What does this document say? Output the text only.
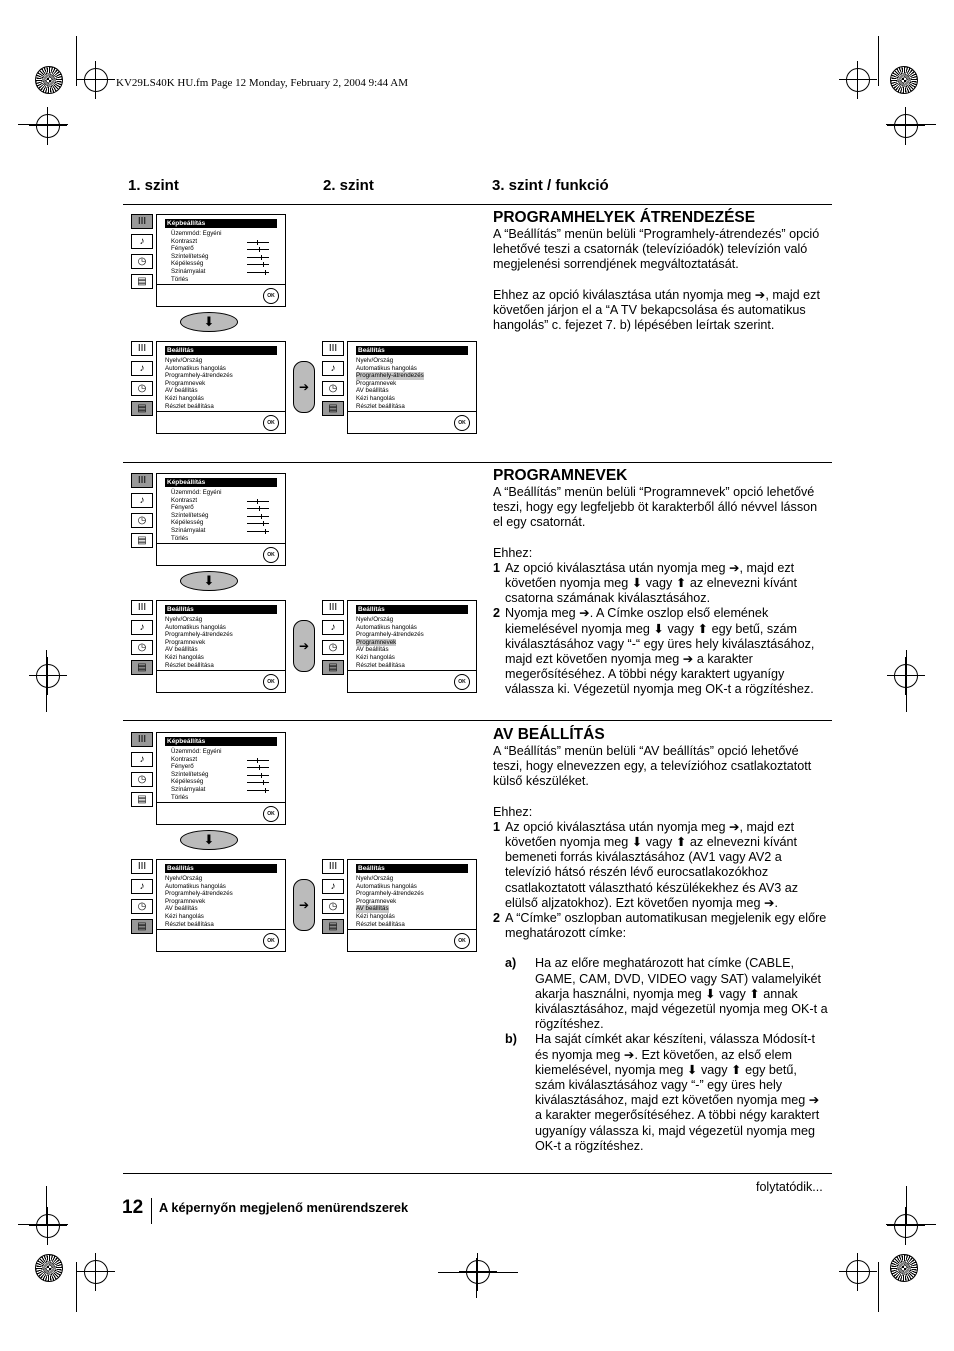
KV29LS40K HU.fm Page 12 Monday, February 2, 2004 9:44 AM
1. szint	2. szint	3. szint / funkció
III
♪
◷
▤
Képbeállítás
Üzemmód: Egyéni
Kontraszt
Fényerő
Színtelítetség
Képélesség
Színárnyalat
Törlés
OK
⬇
III
♪
◷
▤
Beállítás
Nyelv/Ország
Automatikus hangolás
Programhely-átrendezés
Programnevek
AV beállítás
Kézi hangolás
Részlet beállítása
OK
➔
III
♪
◷
▤
Beállítás
Nyelv/Ország
Automatikus hangolás
Programhely-átrendezés
Programnevek
AV beállítás
Kézi hangolás
Részlet beállítása
OK
III
♪
◷
▤
Képbeállítás
Üzemmód: Egyéni
Kontraszt
Fényerő
Színtelítetség
Képélesség
Színárnyalat
Törlés
OK
⬇
III
♪
◷
▤
Beállítás
Nyelv/Ország
Automatikus hangolás
Programhely-átrendezés
Programnevek
AV beállítás
Kézi hangolás
Részlet beállítása
OK
➔
III
♪
◷
▤
Beállítás
Nyelv/Ország
Automatikus hangolás
Programhely-átrendezés
Programnevek
AV beállítás
Kézi hangolás
Részlet beállítása
OK
III
♪
◷
▤
Képbeállítás
Üzemmód: Egyéni
Kontraszt
Fényerő
Színtelítetség
Képélesség
Színárnyalat
Törlés
OK
⬇
III
♪
◷
▤
Beállítás
Nyelv/Ország
Automatikus hangolás
Programhely-átrendezés
Programnevek
AV beállítás
Kézi hangolás
Részlet beállítása
OK
➔
III
♪
◷
▤
Beállítás
Nyelv/Ország
Automatikus hangolás
Programhely-átrendezés
Programnevek
AV beállítás
Kézi hangolás
Részlet beállítása
OK
PROGRAMHELYEK ÁTRENDEZÉSE

A “Beállítás” menün belüli “Programhely-átrendezés” opció lehetővé teszi a csatornák (televízióadók) televízión való megjelenési sorrendjének megváltoztatását.

Ehhez az opció kiválasztása után nyomja meg ➔, majd ezt követően járjon el a “A TV bekapcsolása és automatikus hangolás” c. fejezet 7. b) lépésében leírtak szerint.

PROGRAMNEVEK

A “Beállítás” menün belüli “Programnevek” opció lehetővé teszi, hogy egy legfeljebb öt karakterből álló névvel lásson el egy csatornát.

Ehhez:

1 Az opció kiválasztása után nyomja meg ➔, majd ezt követően nyomja meg ⬇ vagy ⬆ az elnevezni kívánt csatorna számának kiválasztásához.
2 Nyomja meg ➔. A Címke oszlop első elemének kiemelésével nyomja meg ⬇ vagy ⬆ egy betű, szám kiválasztásához vagy “-“ egy üres hely kiválasztásához, majd ezt követően nyomja meg ➔ a karakter megerősítéséhez. A többi négy karaktert ugyanígy válassza ki. Végezetül nyomja meg OK-t a rögzítéshez.
AV BEÁLLÍTÁS

A “Beállítás” menün belüli “AV beállítás” opció lehetővé teszi, hogy elnevezzen egy, a televízióhoz csatlakoztatott külső készüléket.

Ehhez:

1 Az opció kiválasztása után nyomja meg ➔, majd ezt követően nyomja meg ⬇ vagy ⬆ az elnevezni kívánt bemeneti forrás kiválasztásához (AV1 vagy AV2 a televízió hátsó részén lévő eurocsatlakozókhoz csatlakoztatott választható készülékekhez és AV3 az elülső aljzatokhoz). Ezt követően nyomja meg ➔.
2 A “Címke” oszlopban automatikusan megjelenik egy előre meghatározott címke:
a) Ha az előre meghatározott hat címke (CABLE, GAME, CAM, DVD, VIDEO vagy SAT) valamelyikét akarja használni, nyomja meg ⬇ vagy ⬆ annak kiválasztásához, majd végezetül nyomja meg OK-t a rögzítéshez.
b) Ha saját címkét akar készíteni, válassza Módosít-t és nyomja meg ➔. Ezt követően, az első elem kiemelésével, nyomja meg ⬇ vagy ⬆ egy betű, szám kiválasztásához vagy “-” egy üres hely kiválasztásához, majd ezt követően nyomja meg ➔ a karakter megerősítéséhez. A többi négy karaktert ugyanígy válassza ki, majd végezetül nyomja meg OK-t a rögzítéshez.
folytatódik...
12 A képernyőn megjelenő menürendszerek
